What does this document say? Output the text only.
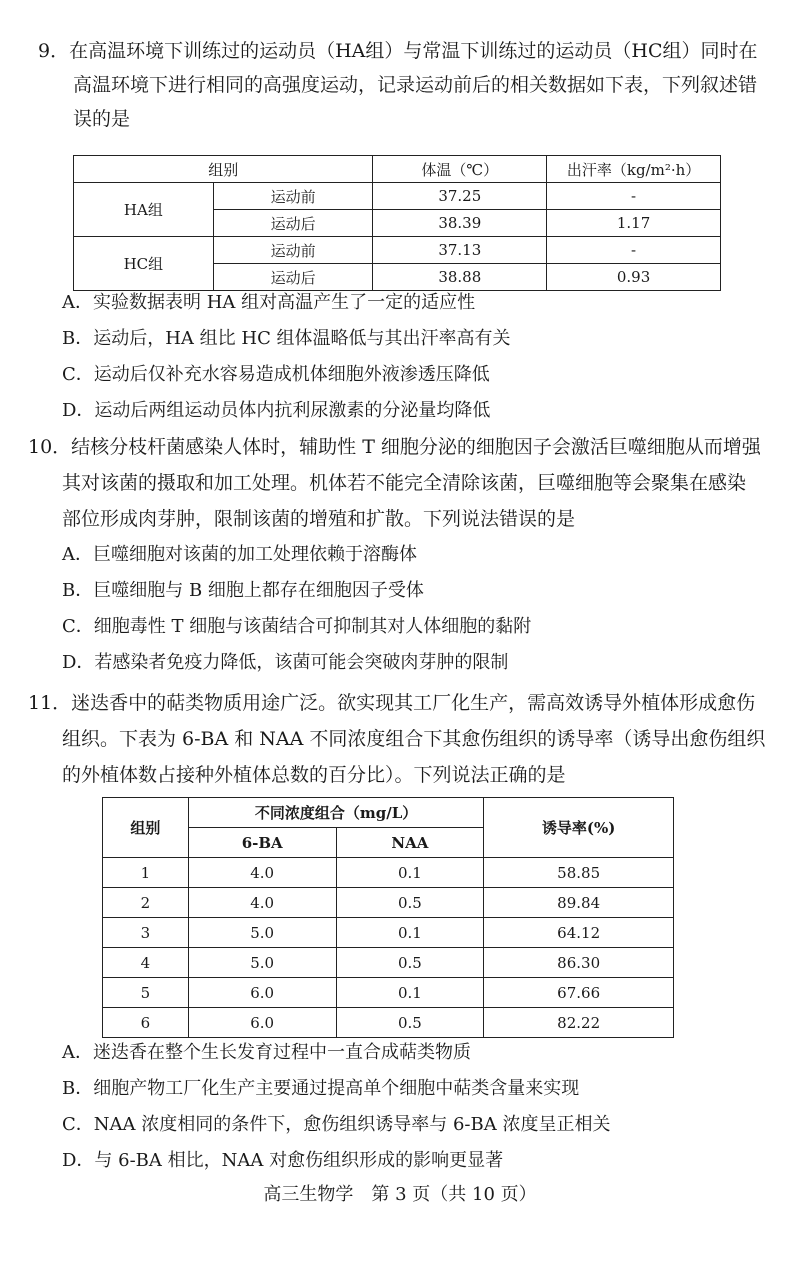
9．在高温环境下训练过的运动员（HA组）与常温下训练过的运动员（HC组）同时在
高温环境下进行相同的高强度运动，记录运动前后的相关数据如下表，下列叙述错
误的是
组别		体温（℃）	出汗率（kg/m²·h）
HA组	运动前	37.25	-
	运动后	38.39	1.17
HC组	运动前	37.13	-
	运动后	38.88	0.93
A．实验数据表明 HA 组对高温产生了一定的适应性
B．运动后，HA 组比 HC 组体温略低与其出汗率高有关
C．运动后仅补充水容易造成机体细胞外液渗透压降低
D．运动后两组运动员体内抗利尿激素的分泌量均降低
10．结核分枝杆菌感染人体时，辅助性 T 细胞分泌的细胞因子会激活巨噬细胞从而增强
其对该菌的摄取和加工处理。机体若不能完全清除该菌，巨噬细胞等会聚集在感染
部位形成肉芽肿，限制该菌的增殖和扩散。下列说法错误的是
A．巨噬细胞对该菌的加工处理依赖于溶酶体
B．巨噬细胞与 B 细胞上都存在细胞因子受体
C．细胞毒性 T 细胞与该菌结合可抑制其对人体细胞的黏附
D．若感染者免疫力降低，该菌可能会突破肉芽肿的限制
11．迷迭香中的萜类物质用途广泛。欲实现其工厂化生产，需高效诱导外植体形成愈伤
组织。下表为 6-BA 和 NAA 不同浓度组合下其愈伤组织的诱导率（诱导出愈伤组织
的外植体数占接种外植体总数的百分比）。下列说法正确的是
组别	不同浓度组合（mg/L）		诱导率(%)
	6-BA	NAA	
1	4.0	0.1	58.85
2	4.0	0.5	89.84
3	5.0	0.1	64.12
4	5.0	0.5	86.30
5	6.0	0.1	67.66
6	6.0	0.5	82.22
A．迷迭香在整个生长发育过程中一直合成萜类物质
B．细胞产物工厂化生产主要通过提高单个细胞中萜类含量来实现
C．NAA 浓度相同的条件下，愈伤组织诱导率与 6-BA 浓度呈正相关
D．与 6-BA 相比，NAA 对愈伤组织形成的影响更显著
高三生物学　第 3 页（共 10 页）
